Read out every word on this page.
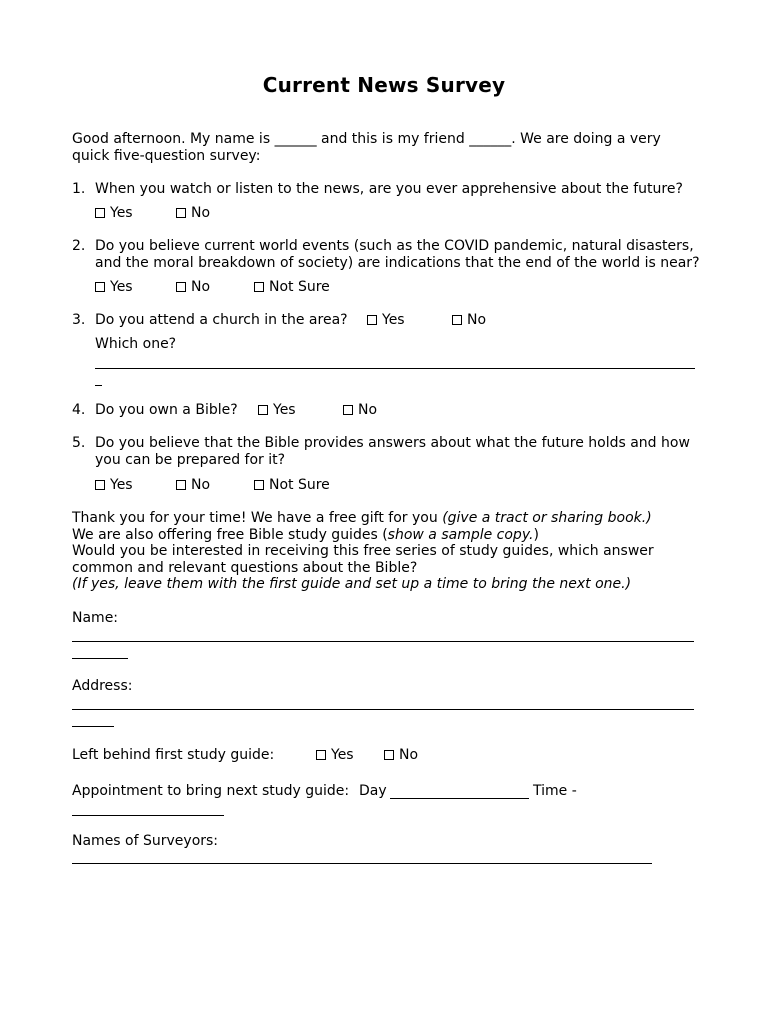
Current News Survey
Good afternoon. My name is ______ and this is my friend ______. We are doing a very
quick five-question survey:
1. When you watch or listen to the news, are you ever apprehensive about the future?
Yes	No
2. Do you believe current world events (such as the COVID pandemic, natural disasters,
and the moral breakdown of society) are indications that the end of the world is near?
Yes	No	Not Sure
3. Do you attend a church in the area?	Yes	No
Which one?
4. Do you own a Bible?	Yes	No
5. Do you believe that the Bible provides answers about what the future holds and how
you can be prepared for it?
Yes	No	Not Sure
Thank you for your time! We have a free gift for you (give a tract or sharing book.)
We are also offering free Bible study guides (show a sample copy.)
Would you be interested in receiving this free series of study guides, which answer
common and relevant questions about the Bible?
(If yes, leave them with the first guide and set up a time to bring the next one.)
Name:
Address:
Left behind first study guide:	Yes	No
Appointment to bring next study guide: Day	Time -
Names of Surveyors:
